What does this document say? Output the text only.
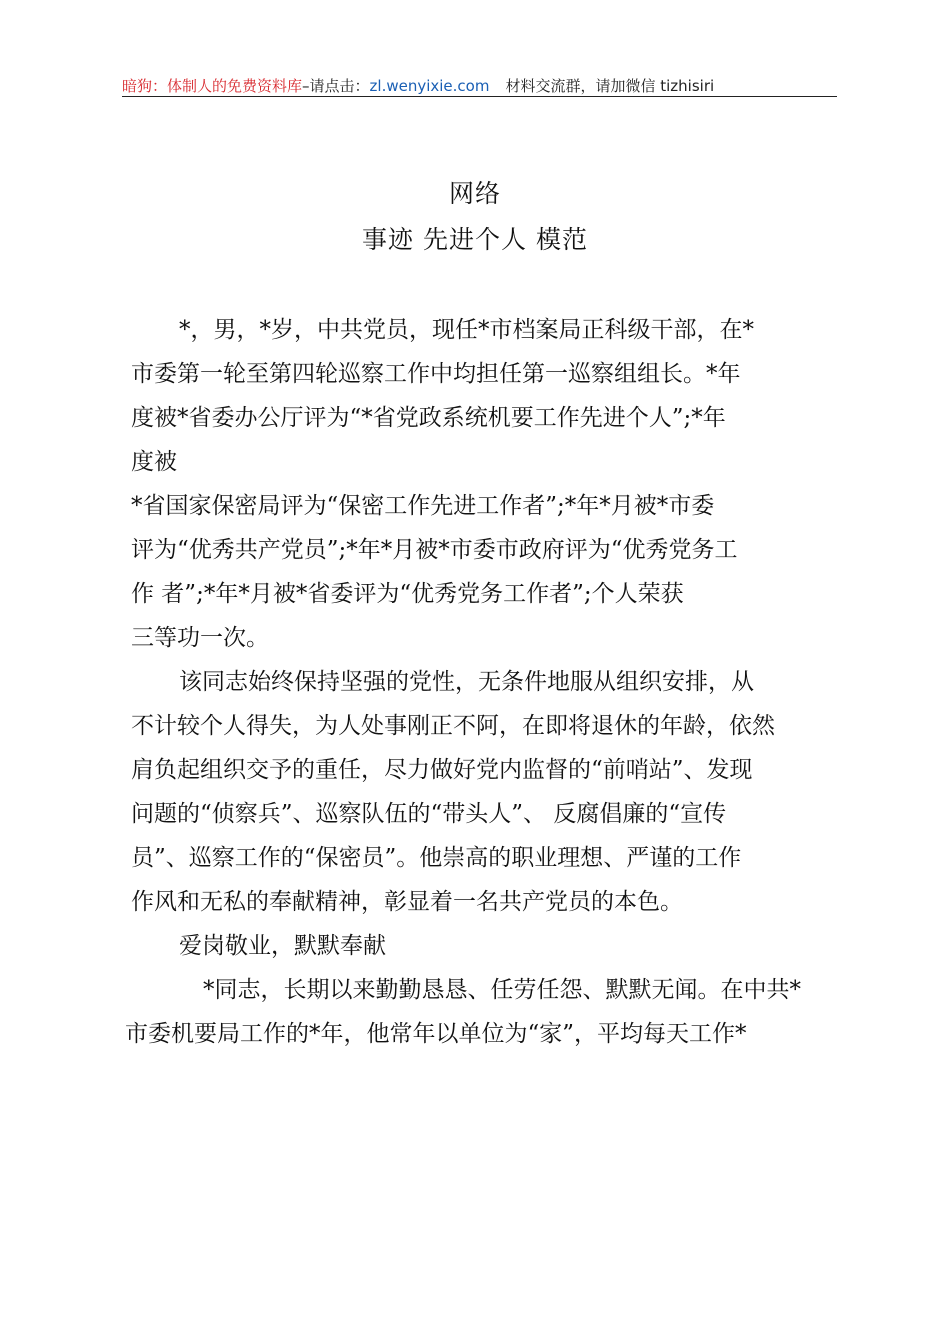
暗狗：体制人的免费资料库–请点击：zl.wenyixie.com 材料交流群，请加微信 tizhisiri
网络
事迹 先进个人 模范
*，男，*岁，中共党员，现任*市档案局正科级干部，在*
市委第一轮至第四轮巡察工作中均担任第一巡察组组长。*年
度被*省委办公厅评为“*省党政系统机要工作先进个人”;*年
度被
*省国家保密局评为“保密工作先进工作者”;*年*月被*市委
评为“优秀共产党员”;*年*月被*市委市政府评为“优秀党务工
作 者”;*年*月被*省委评为“优秀党务工作者”;个人荣获
三等功一次。
该同志始终保持坚强的党性，无条件地服从组织安排，从
不计较个人得失，为人处事刚正不阿，在即将退休的年龄，依然
肩负起组织交予的重任，尽力做好党内监督的“前哨站”、发现
问题的“侦察兵”、巡察队伍的“带头人”、 反腐倡廉的“宣传
员”、巡察工作的“保密员”。他崇高的职业理想、严谨的工作
作风和无私的奉献精神，彰显着一名共产党员的本色。
爱岗敬业，默默奉献
*同志，长期以来勤勤恳恳、任劳任怨、默默无闻。在中共*
市委机要局工作的*年，他常年以单位为“家”，平均每天工作*
